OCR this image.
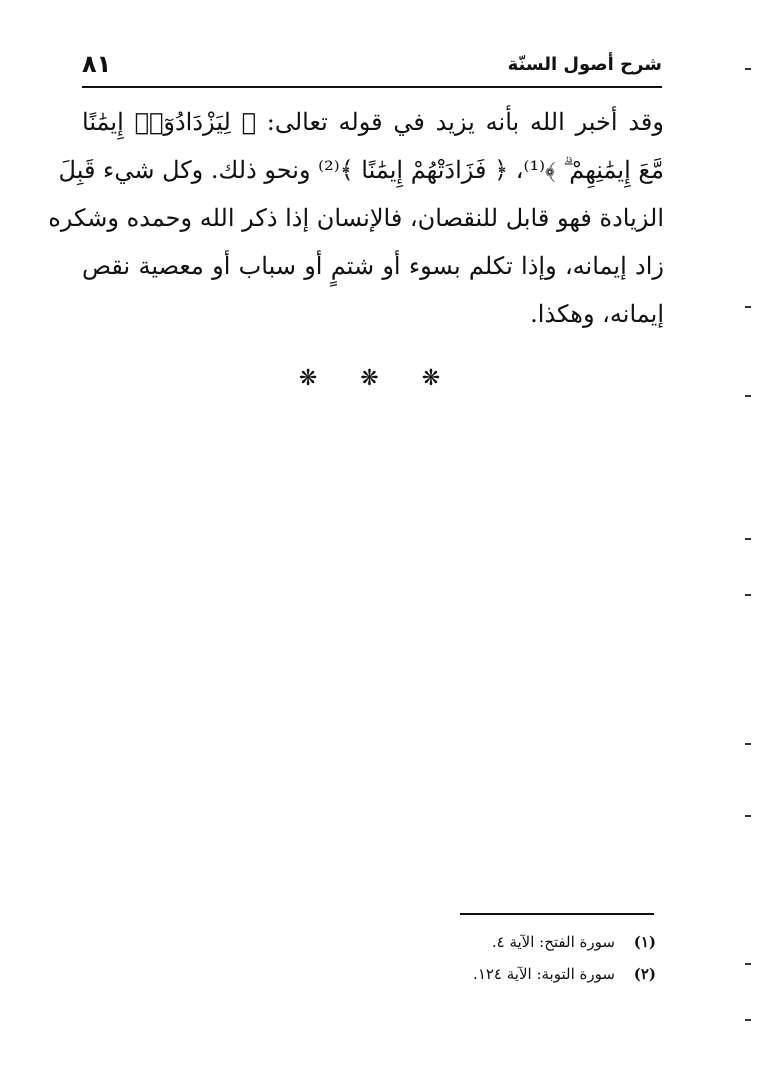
شرح أصول السنّة
٨١
وقد أخبر الله بأنه يزيد في قوله تعالى: ﴿ لِيَزْدَادُوٓا۟ إِيمَٰنًا
مَّعَ إِيمَٰنِهِمْ ۗ ﴾⁽¹⁾، ﴿ فَزَادَتْهُمْ إِيمَٰنًا ﴾⁽²⁾ ونحو ذلك. وكل شيء قَبِلَ
الزيادة فهو قابل للنقصان، فالإنسان إذا ذكر الله وحمده وشكره
زاد إيمانه، وإذا تكلم بسوء أو شتمٍ أو سباب أو معصية نقص
إيمانه، وهكذا.
❋ ❋ ❋
(١) سورة الفتح: الآية ٤.
(٢) سورة التوبة: الآية ١٢٤.
